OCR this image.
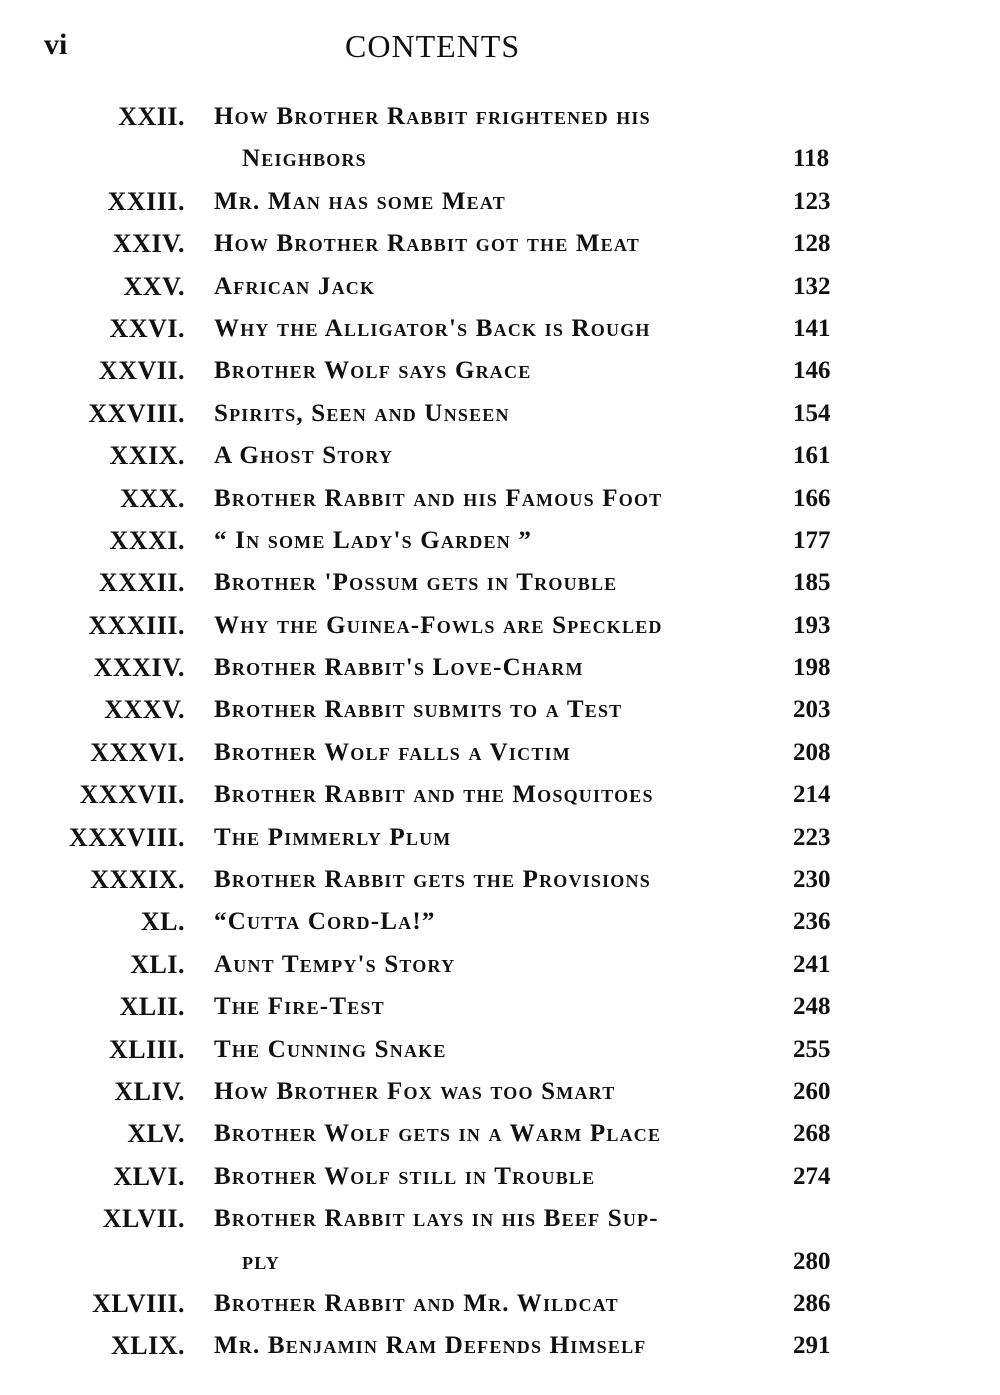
vi	CONTENTS
XXII. How Brother Rabbit frightened his
Neighbors . . .	118
XXIII. Mr. Man has some Meat . . .	123
XXIV. How Brother Rabbit got the Meat . . .	128
XXV. African Jack . . .	132
XXVI. Why the Alligator's Back is Rough . . .	141
XXVII. Brother Wolf says Grace . . .	146
XXVIII. Spirits, Seen and Unseen . . .	154
XXIX. A Ghost Story . . .	161
XXX. Brother Rabbit and his Famous Foot . . .	166
XXXI. “ In some Lady's Garden ” . . .	177
XXXII. Brother 'Possum gets in Trouble . . .	185
XXXIII. Why the Guinea-Fowls are Speckled . . .	193
XXXIV. Brother Rabbit's Love-Charm . . .	198
XXXV. Brother Rabbit submits to a Test . . .	203
XXXVI. Brother Wolf falls a Victim . . .	208
XXXVII. Brother Rabbit and the Mosquitoes . . .	214
XXXVIII. The Pimmerly Plum . . .	223
XXXIX. Brother Rabbit gets the Provisions . . .	230
XL. “Cutta Cord-La!” . . .	236
XLI. Aunt Tempy's Story . . .	241
XLII. The Fire-Test . . .	248
XLIII. The Cunning Snake . . .	255
XLIV. How Brother Fox was too Smart . . .	260
XLV. Brother Wolf gets in a Warm Place . . .	268
XLVI. Brother Wolf still in Trouble . . .	274
XLVII. Brother Rabbit lays in his Beef Sup-
ply . . .	280
XLVIII. Brother Rabbit and Mr. Wildcat . . .	286
XLIX. Mr. Benjamin Ram Defends Himself . . .	291
